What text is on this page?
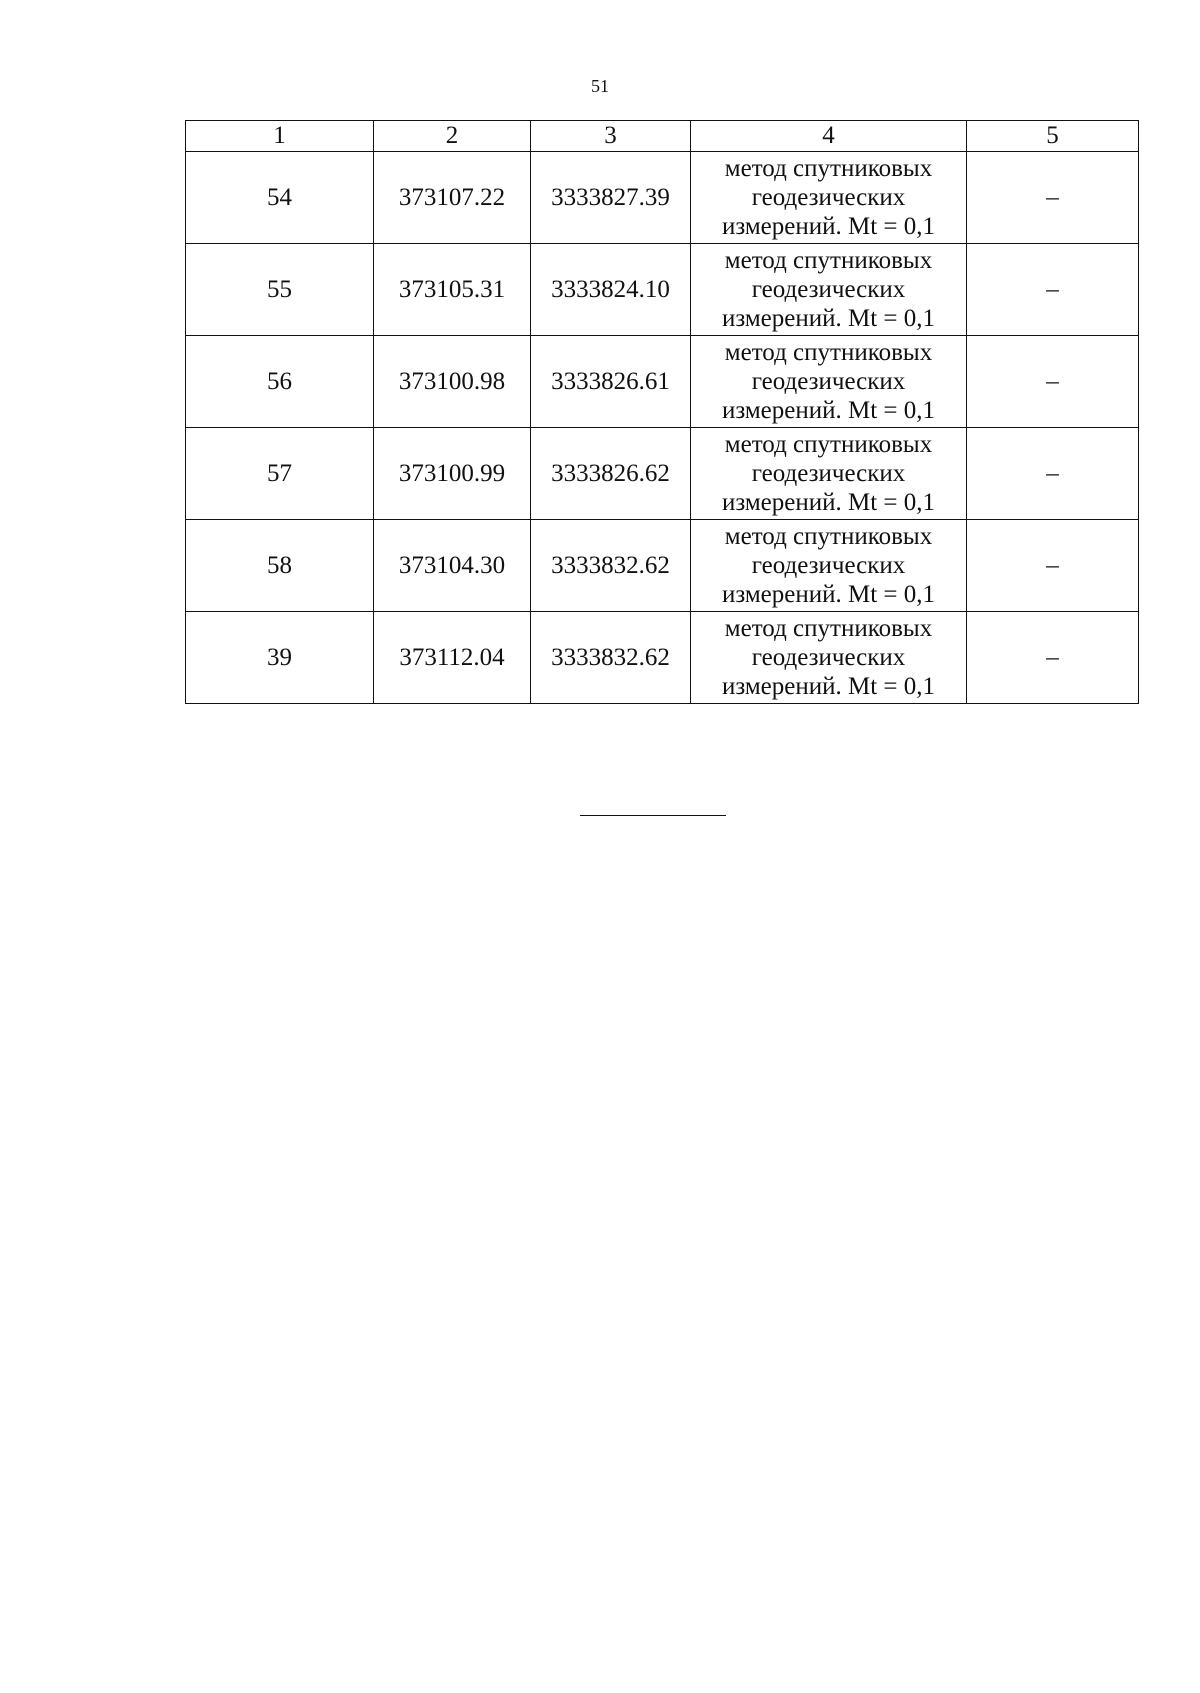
51
1	2	3	4	5
54	373107.22	3333827.39	метод спутниковых
геодезических
измерений. Mt = 0,1	–
55	373105.31	3333824.10	метод спутниковых
геодезических
измерений. Mt = 0,1	–
56	373100.98	3333826.61	метод спутниковых
геодезических
измерений. Mt = 0,1	–
57	373100.99	3333826.62	метод спутниковых
геодезических
измерений. Mt = 0,1	–
58	373104.30	3333832.62	метод спутниковых
геодезических
измерений. Mt = 0,1	–
39	373112.04	3333832.62	метод спутниковых
геодезических
измерений. Mt = 0,1	–
